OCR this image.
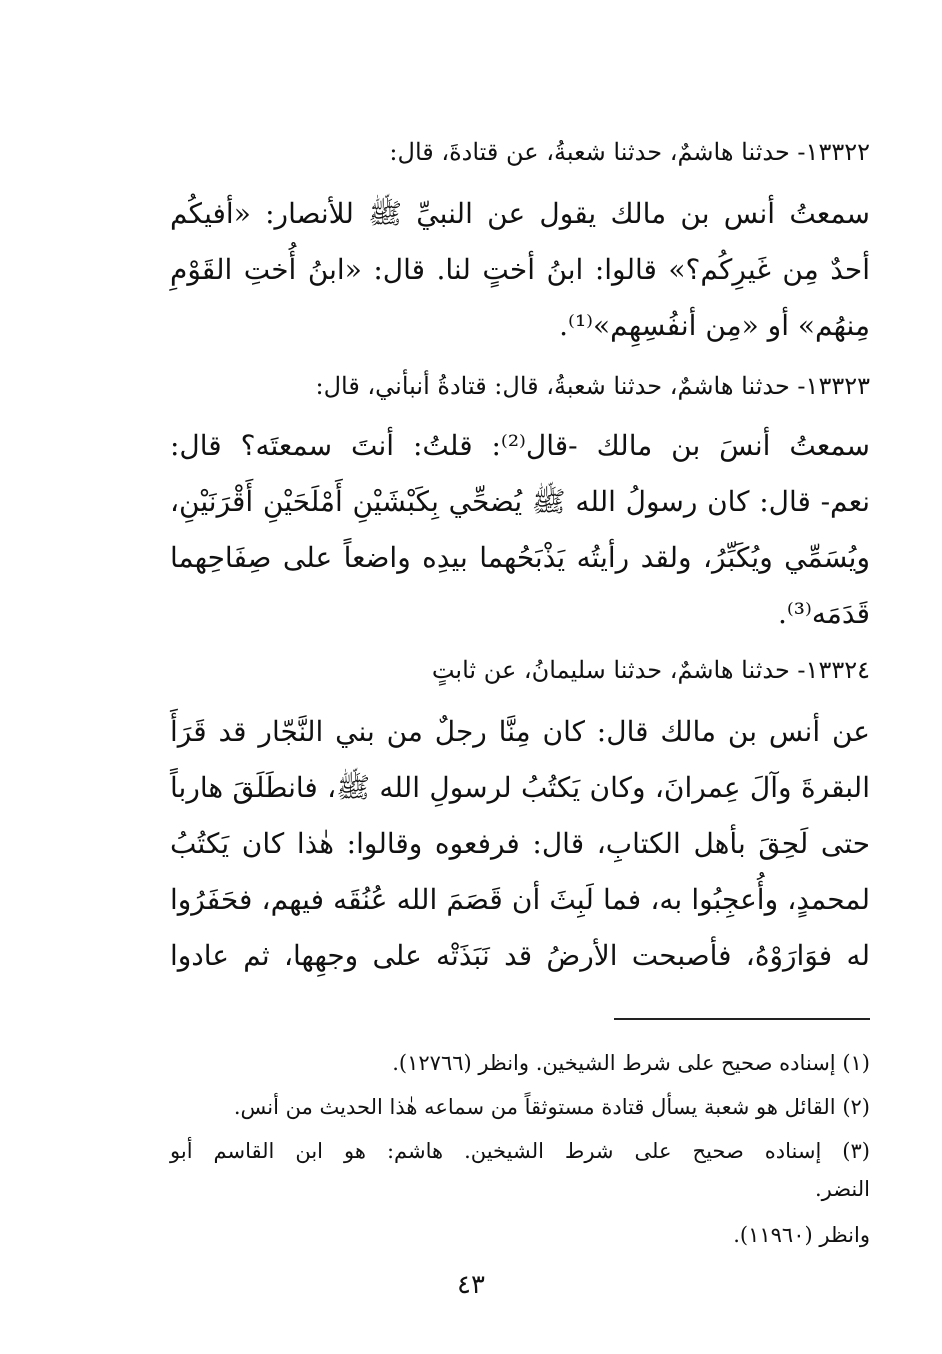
١٣٣٢٢- حدثنا هاشمٌ، حدثنا شعبةُ، عن قتادةَ، قال:
سمعتُ أنس بن مالك يقول عن النبيِّ ﷺ للأنصار: «أفيكُم
أحدٌ مِن غَيرِكُم؟» قالوا: ابنُ أختٍ لنا. قال: «ابنُ أُختِ القَوْمِ
مِنهُم» أو «مِن أنفُسِهِم»⁽¹⁾.
١٣٣٢٣- حدثنا هاشمٌ، حدثنا شعبةُ، قال: قتادةُ أنبأني، قال:
سمعتُ أنسَ بن مالك -قال⁽²⁾: قلتُ: أنتَ سمعتَه؟ قال:
نعم- قال: كان رسولُ الله ﷺ يُضحِّي بِكَبْشَيْنِ أَمْلَحَيْنِ أَقْرَنَيْنِ،
ويُسَمِّي ويُكَبِّرُ، ولقد رأيتُه يَذْبَحُهما بيدِه واضعاً على صِفَاحِهما
قَدَمَه⁽³⁾.
١٣٣٢٤- حدثنا هاشمٌ، حدثنا سليمانُ، عن ثابتٍ
عن أنس بن مالك قال: كان مِنَّا رجلٌ من بني النَّجّار قد قَرَأَ
البقرةَ وآلَ عِمرانَ، وكان يَكتُبُ لرسولِ الله ﷺ، فانطَلَقَ هارباً
حتى لَحِقَ بأهل الكتابِ، قال: فرفعوه وقالوا: هٰذا كان يَكتُبُ
لمحمدٍ، وأُعجِبُوا به، فما لَبِثَ أن قَصَمَ الله عُنُقَه فيهم، فحَفَرُوا
له فوَارَوْهُ، فأصبحت الأرضُ قد نَبَذَتْه على وجهِها، ثم عادوا
(١) إسناده صحيح على شرط الشيخين. وانظر (١٢٧٦٦).
(٢) القائل هو شعبة يسأل قتادة مستوثقاً من سماعه هٰذا الحديث من أنس.
(٣) إسناده صحيح على شرط الشيخين. هاشم: هو ابن القاسم أبو
النضر.
وانظر (١١٩٦٠).
٤٣
